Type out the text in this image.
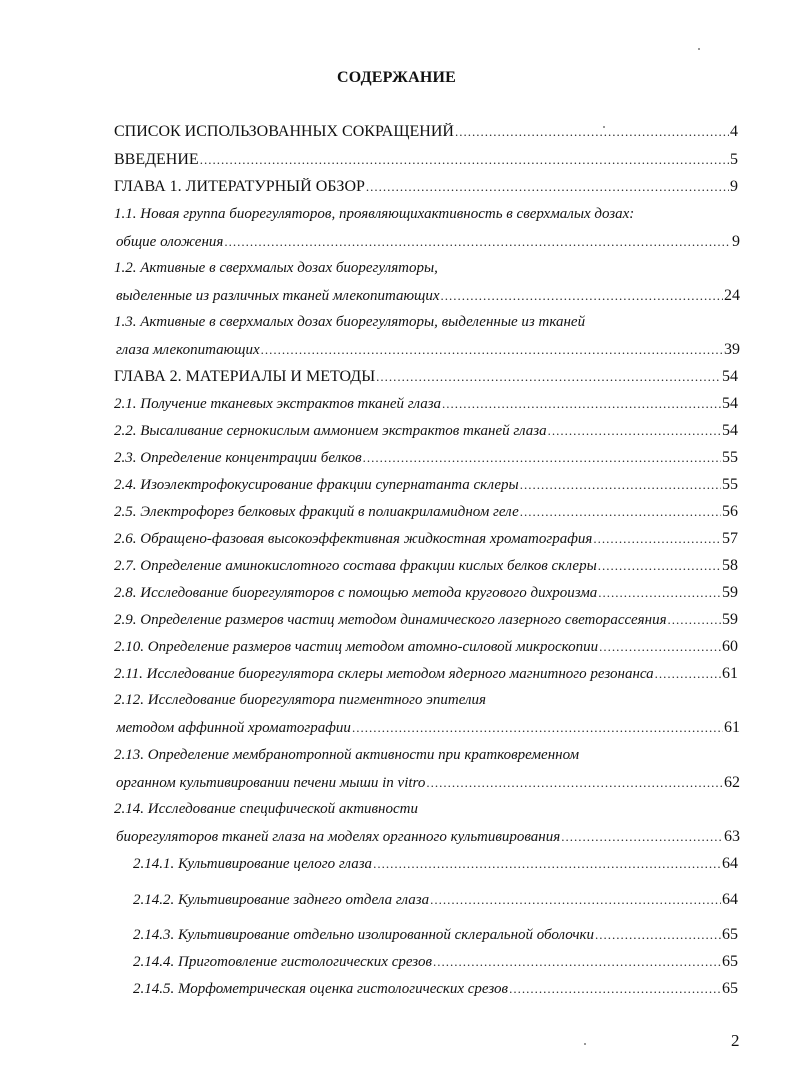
СОДЕРЖАНИЕ
СПИСОК ИСПОЛЬЗОВАННЫХ СОКРАЩЕНИЙ .....	4
ВВЕДЕНИЕ .....	5
ГЛАВА 1. ЛИТЕРАТУРНЫЙ ОБЗОР .....	9
1.1. Новая группа биорегуляторов, проявляющихактивность в сверхмалых дозах:
общие оложения .....	9
1.2. Активные в сверхмалых дозах биорегуляторы,
выделенные из различных тканей млекопитающих .....	24
1.3. Активные в сверхмалых дозах биорегуляторы, выделенные из тканей
глаза млекопитающих .....	39
ГЛАВА 2. МАТЕРИАЛЫ И МЕТОДЫ .....	54
2.1. Получение тканевых экстрактов тканей глаза .....	54
2.2. Высаливание сернокислым аммонием экстрактов тканей глаза .....	54
2.3. Определение концентрации белков .....	55
2.4. Изоэлектрофокусирование фракции супернатанта склеры .....	55
2.5. Электрофорез белковых фракций в полиакриламидном геле .....	56
2.6. Обращено-фазовая высокоэффективная жидкостная хроматография .....	57
2.7. Определение аминокислотного состава фракции кислых белков склеры .....	58
2.8. Исследование биорегуляторов с помощью метода кругового дихроизма .....	59
2.9. Определение размеров частиц методом динамического лазерного светорассеяния .....	59
2.10. Определение размеров частиц методом атомно-силовой микроскопии .....	60
2.11. Исследование биорегулятора склеры методом ядерного магнитного резонанса .....	61
2.12. Исследование биорегулятора пигментного эпителия
методом аффинной хроматографии .....	61
2.13. Определение мембранотропной активности при кратковременном
органном культивировании печени мыши in vitro .....	62
2.14. Исследование специфической активности
биорегуляторов тканей глаза на моделях органного культивирования .....	63
2.14.1. Культивирование целого глаза .....	64
2.14.2. Культивирование заднего отдела глаза .....	64
2.14.3. Культивирование отдельно изолированной склеральной оболочки .....	65
2.14.4. Приготовление гистологических срезов .....	65
2.14.5. Морфометрическая оценка гистологических срезов .....	65
2
